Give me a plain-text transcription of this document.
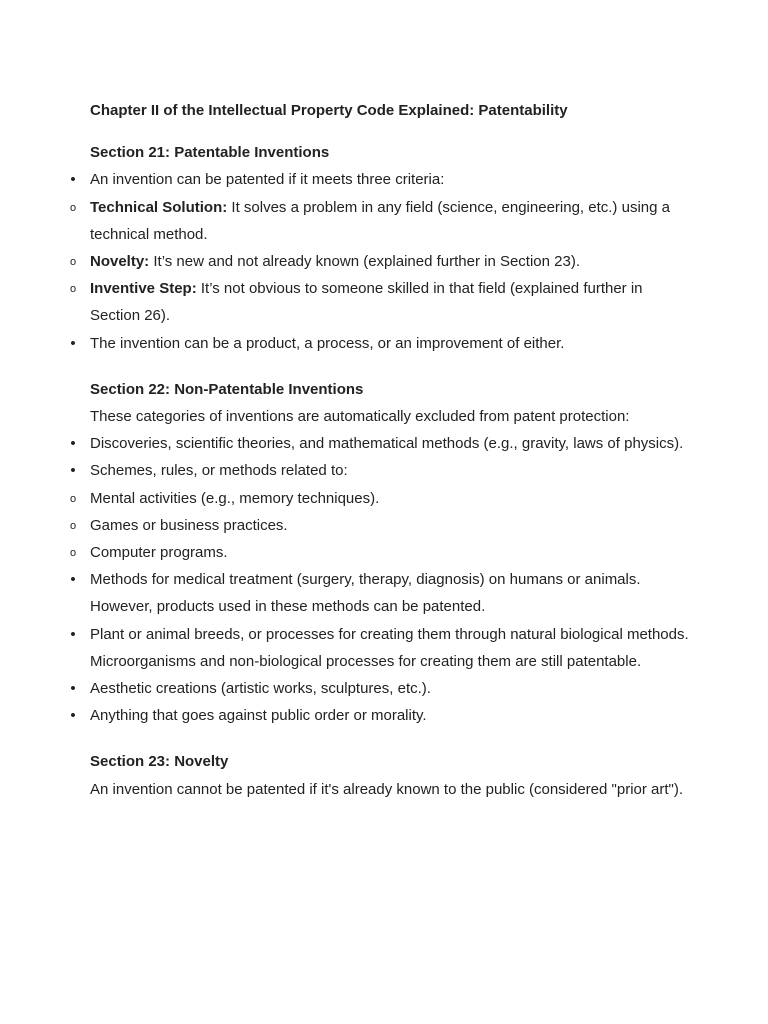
Chapter II of the Intellectual Property Code Explained: Patentability

Section 21: Patentable Inventions

• An invention can be patented if it meets three criteria:
o Technical Solution: It solves a problem in any field (science, engineering, etc.) using a technical method.
o Novelty: It’s new and not already known (explained further in Section 23).
o Inventive Step: It’s not obvious to someone skilled in that field (explained further in Section 26).
• The invention can be a product, a process, or an improvement of either.

Section 22: Non-Patentable Inventions

These categories of inventions are automatically excluded from patent protection:

• Discoveries, scientific theories, and mathematical methods (e.g., gravity, laws of physics).
• Schemes, rules, or methods related to:
o Mental activities (e.g., memory techniques).
o Games or business practices.
o Computer programs.
• Methods for medical treatment (surgery, therapy, diagnosis) on humans or animals. However, products used in these methods can be patented.
• Plant or animal breeds, or processes for creating them through natural biological methods. Microorganisms and non-biological processes for creating them are still patentable.
• Aesthetic creations (artistic works, sculptures, etc.).
• Anything that goes against public order or morality.

Section 23: Novelty

An invention cannot be patented if it's already known to the public (considered "prior art").
